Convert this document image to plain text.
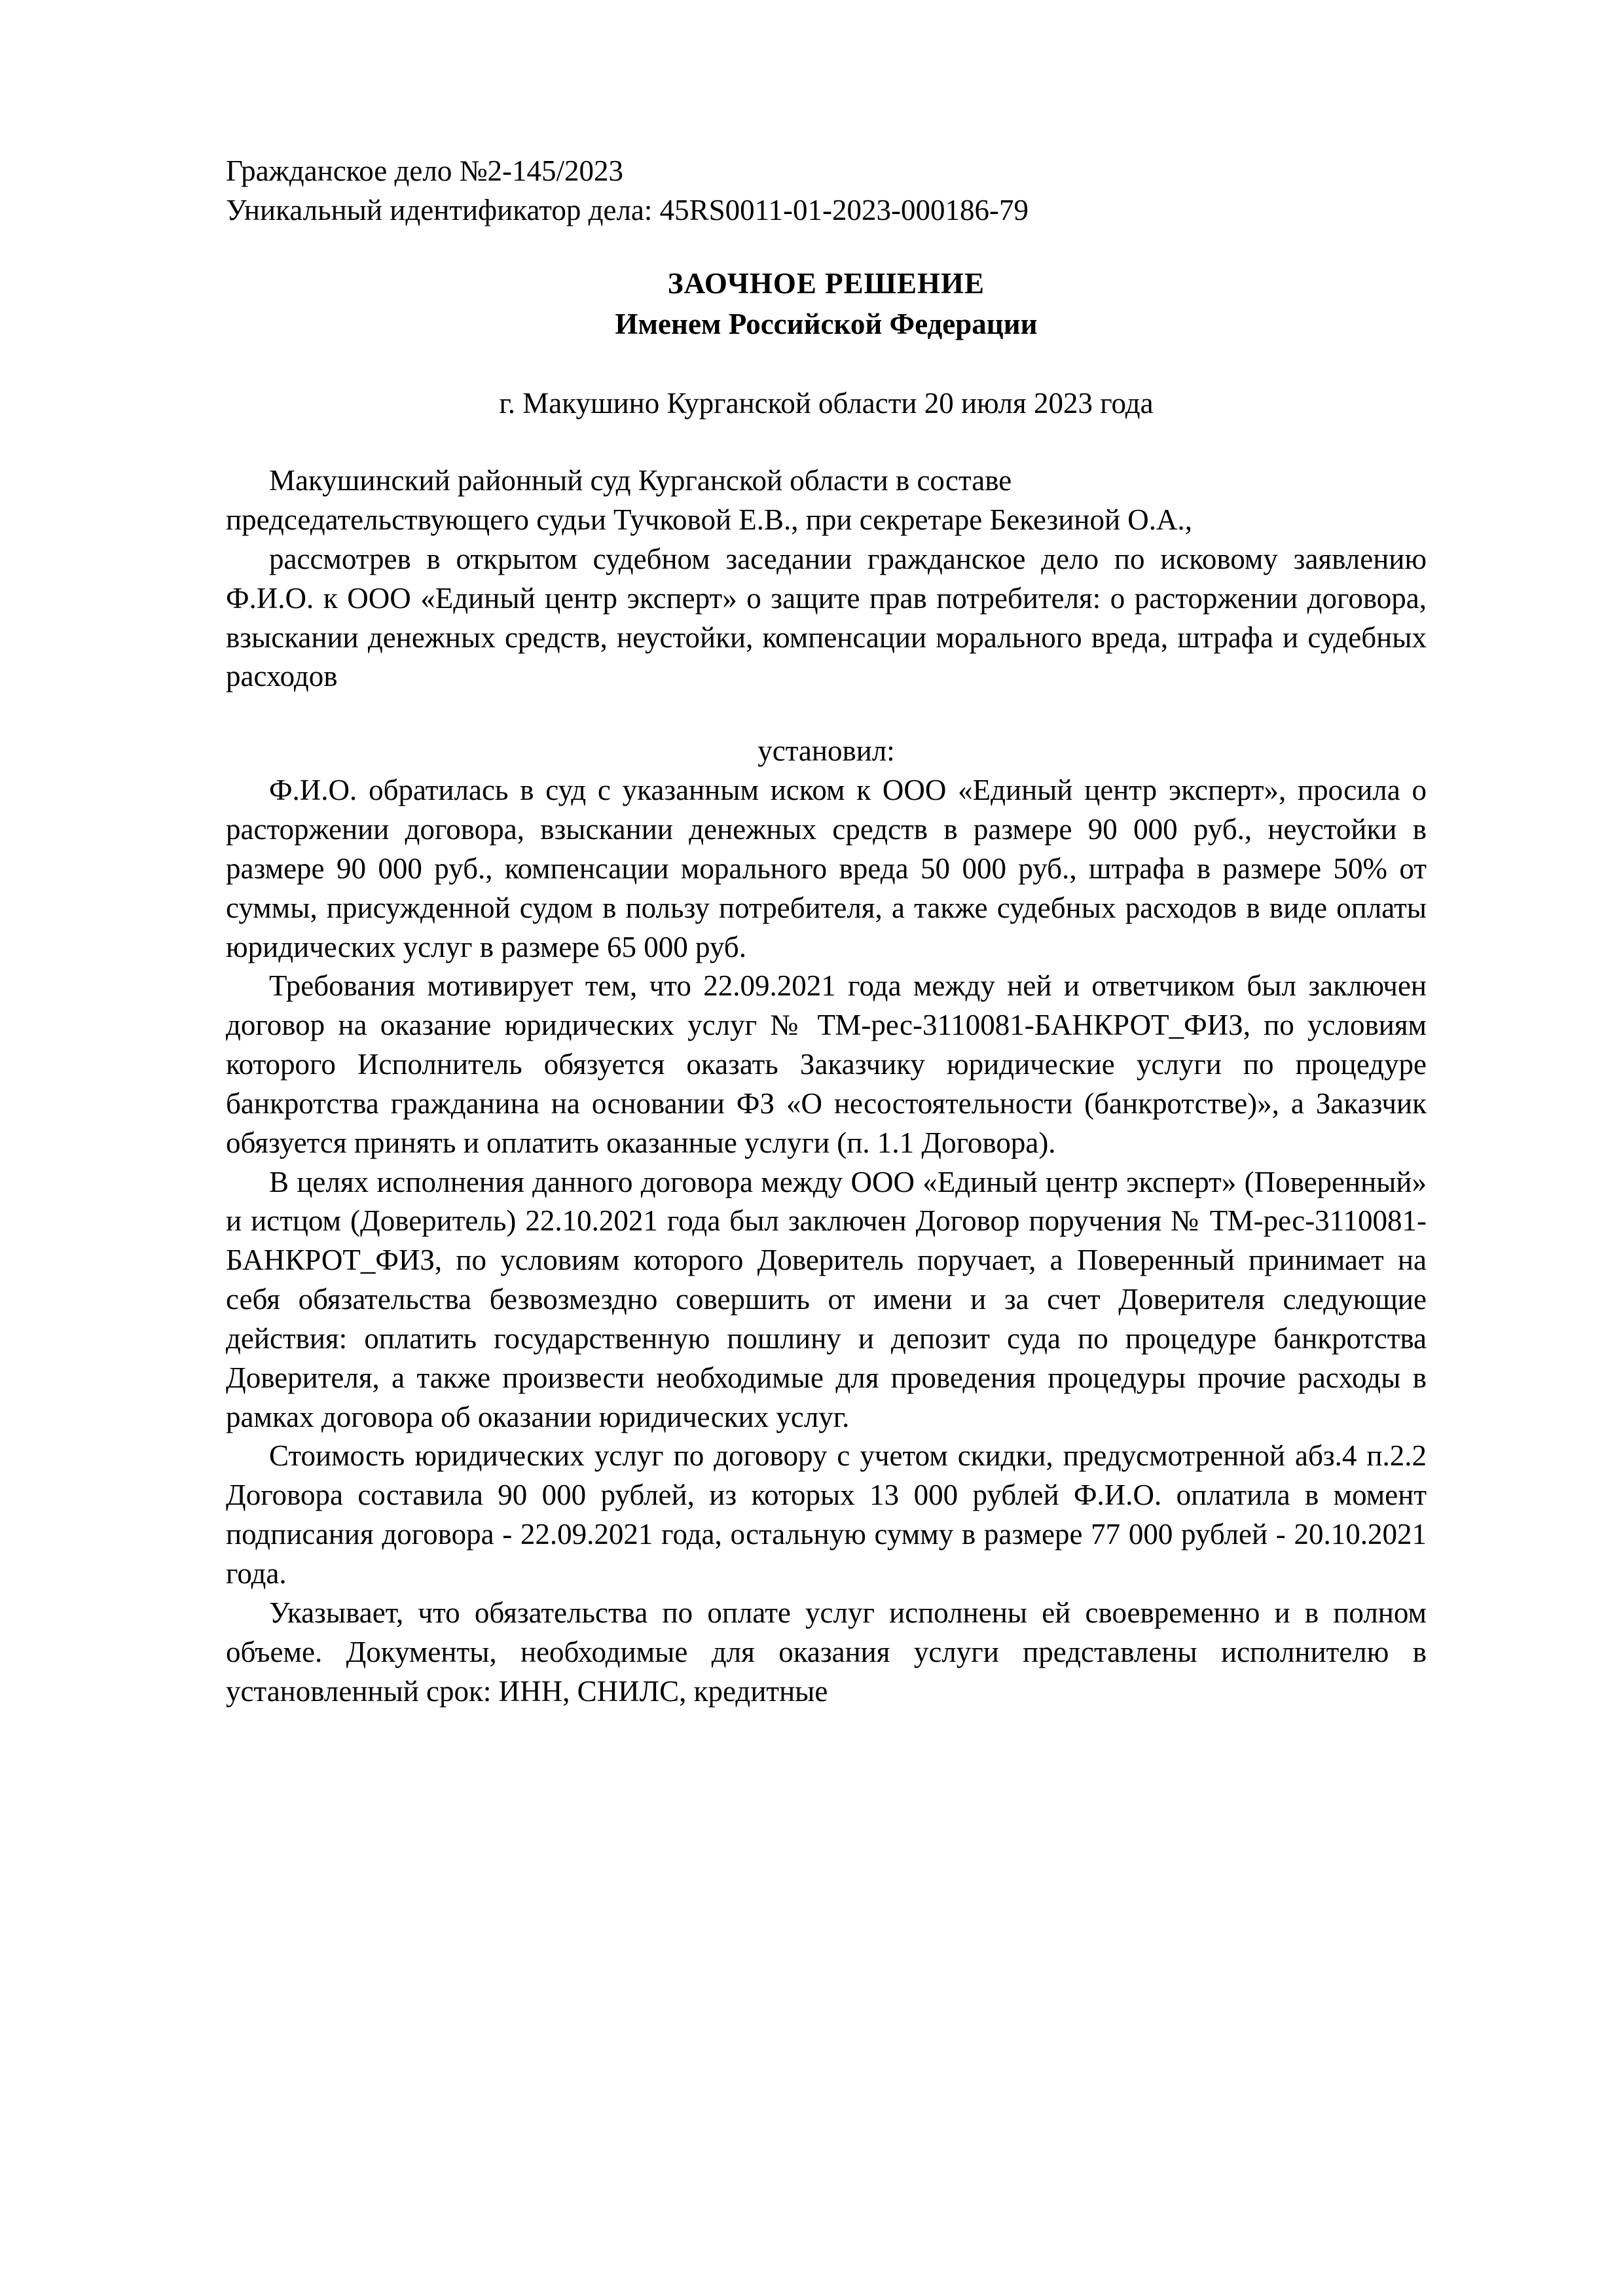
Гражданское дело №2-145/2023
Уникальный идентификатор дела: 45RS0011-01-2023-000186-79
ЗАОЧНОЕ РЕШЕНИЕ
Именем Российской Федерации
г. Макушино Курганской области 20 июля 2023 года
Макушинский районный суд Курганской области в составе
председательствующего судьи Тучковой Е.В., при секретаре Бекезиной О.А.,

рассмотрев в открытом судебном заседании гражданское дело по исковому заявлению Ф.И.О. к ООО «Единый центр эксперт» о защите прав потребителя: о расторжении договора, взыскании денежных средств, неустойки, компенсации морального вреда, штрафа и судебных расходов

установил:

Ф.И.О. обратилась в суд с указанным иском к ООО «Единый центр эксперт», просила о расторжении договора, взыскании денежных средств в размере 90 000 руб., неустойки в размере 90 000 руб., компенсации морального вреда 50 000 руб., штрафа в размере 50% от суммы, присужденной судом в пользу потребителя, а также судебных расходов в виде оплаты юридических услуг в размере 65 000 руб.

Требования мотивирует тем, что 22.09.2021 года между ней и ответчиком был заключен договор на оказание юридических услуг № ТМ-рес-3110081-БАНКРОТ_ФИЗ, по условиям которого Исполнитель обязуется оказать Заказчику юридические услуги по процедуре банкротства гражданина на основании ФЗ «О несостоятельности (банкротстве)», а Заказчик обязуется принять и оплатить оказанные услуги (п. 1.1 Договора).

В целях исполнения данного договора между ООО «Единый центр эксперт» (Поверенный» и истцом (Доверитель) 22.10.2021 года был заключен Договор поручения № ТМ-рес-3110081-БАНКРОТ_ФИЗ, по условиям которого Доверитель поручает, а Поверенный принимает на себя обязательства безвозмездно совершить от имени и за счет Доверителя следующие действия: оплатить государственную пошлину и депозит суда по процедуре банкротства Доверителя, а также произвести необходимые для проведения процедуры прочие расходы в рамках договора об оказании юридических услуг.

Стоимость юридических услуг по договору с учетом скидки, предусмотренной абз.4 п.2.2 Договора составила 90 000 рублей, из которых 13 000 рублей Ф.И.О. оплатила в момент подписания договора - 22.09.2021 года, остальную сумму в размере 77 000 рублей - 20.10.2021 года.

Указывает, что обязательства по оплате услуг исполнены ей своевременно и в полном объеме. Документы, необходимые для оказания услуги представлены исполнителю в установленный срок: ИНН, СНИЛС, кредитные
